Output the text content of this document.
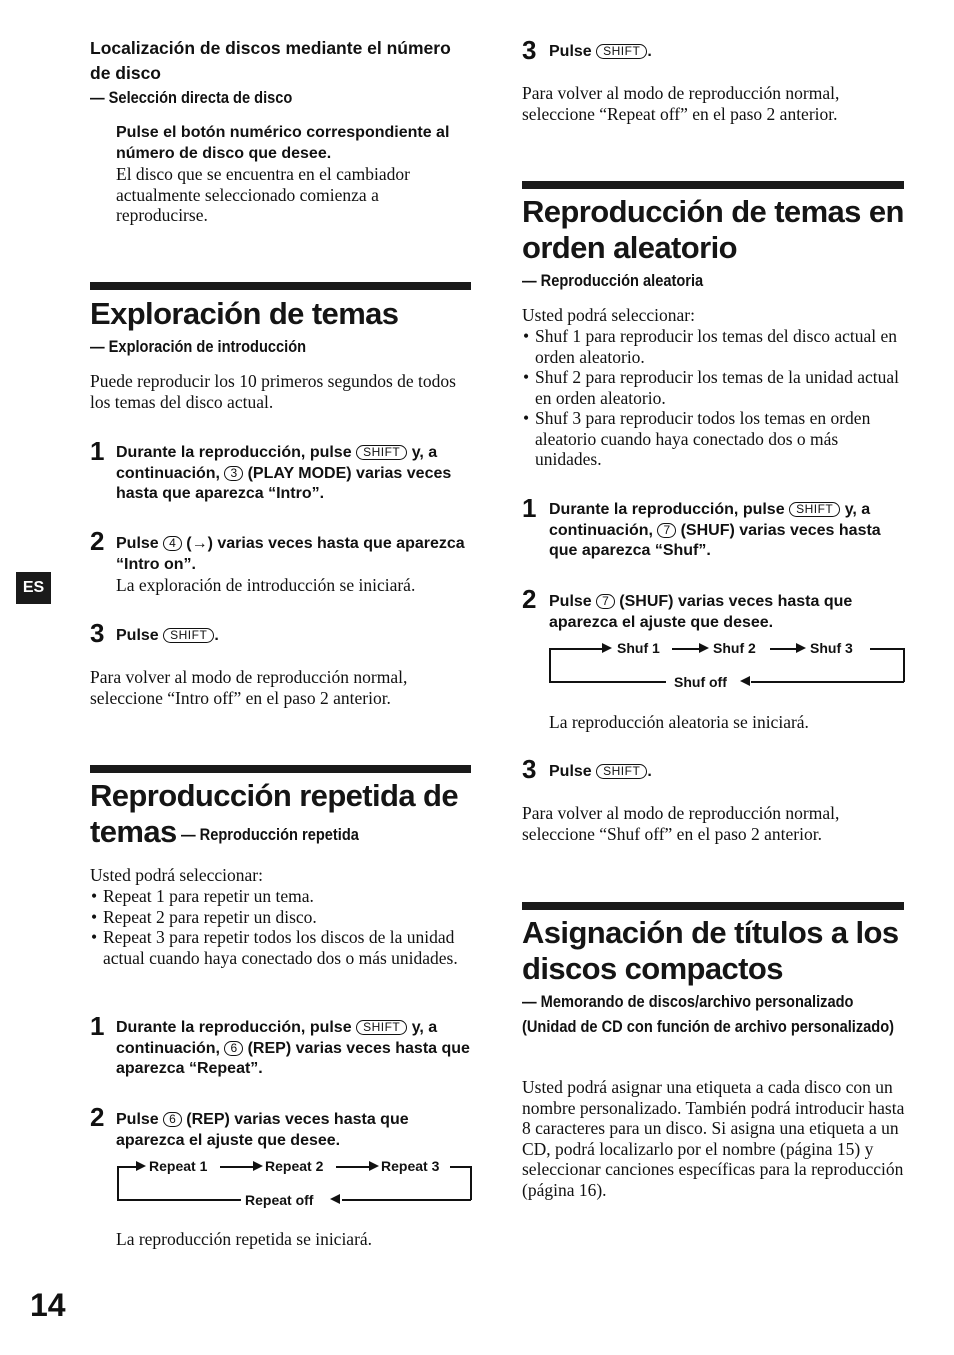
Localización de discos mediante el número de disco
— Selección directa de disco
Pulse el botón numérico correspondiente al número de disco que desee.
El disco que se encuentra en el cambiador actualmente seleccionado comienza a reproducirse.
Exploración de temas
— Exploración de introducción
Puede reproducir los 10 primeros segundos de todos los temas del disco actual.
1 Durante la reproducción, pulse SHIFT y, a continuación, 3 (PLAY MODE) varias veces hasta que aparezca “Intro”.
2 Pulse 4 (→) varias veces hasta que aparezca “Intro on”.
La exploración de introducción se iniciará.
3 Pulse SHIFT .
Para volver al modo de reproducción normal, seleccione “Intro off” en el paso 2 anterior.
Reproducción repetida de
temas — Reproducción repetida
Usted podrá seleccionar:
• Repeat 1 para repetir un tema.
• Repeat 2 para repetir un disco.
• Repeat 3 para repetir todos los discos de la unidad actual cuando haya conectado dos o más unidades.
1 Durante la reproducción, pulse SHIFT y, a continuación, 6 (REP) varias veces hasta que aparezca “Repeat”.
2 Pulse 6 (REP) varias veces hasta que aparezca el ajuste que desee.
Repeat 1	Repeat 2	Repeat 3
Repeat off
La reproducción repetida se iniciará.
ES
14
3 Pulse SHIFT .
Para volver al modo de reproducción normal, seleccione “Repeat off” en el paso 2 anterior.
Reproducción de temas en orden aleatorio
— Reproducción aleatoria
Usted podrá seleccionar:
• Shuf 1 para reproducir los temas del disco actual en orden aleatorio.
• Shuf 2 para reproducir los temas de la unidad actual en orden aleatorio.
• Shuf 3 para reproducir todos los temas en orden aleatorio cuando haya conectado dos o más unidades.
1 Durante la reproducción, pulse SHIFT y, a continuación, 7 (SHUF) varias veces hasta que aparezca “Shuf”.
2 Pulse 7 (SHUF) varias veces hasta que aparezca el ajuste que desee.
Shuf 1	Shuf 2	Shuf 3
Shuf off
La reproducción aleatoria se iniciará.
3 Pulse SHIFT .
Para volver al modo de reproducción normal, seleccione “Shuf off” en el paso 2 anterior.
Asignación de títulos a los discos compactos
— Memorando de discos/archivo personalizado (Unidad de CD con función de archivo personalizado)
Usted podrá asignar una etiqueta a cada disco con un nombre personalizado. También podrá introducir hasta 8 caracteres para un disco. Si asigna una etiqueta a un CD, podrá localizarlo por el nombre (página 15) y seleccionar canciones específicas para la reproducción (página 16).
